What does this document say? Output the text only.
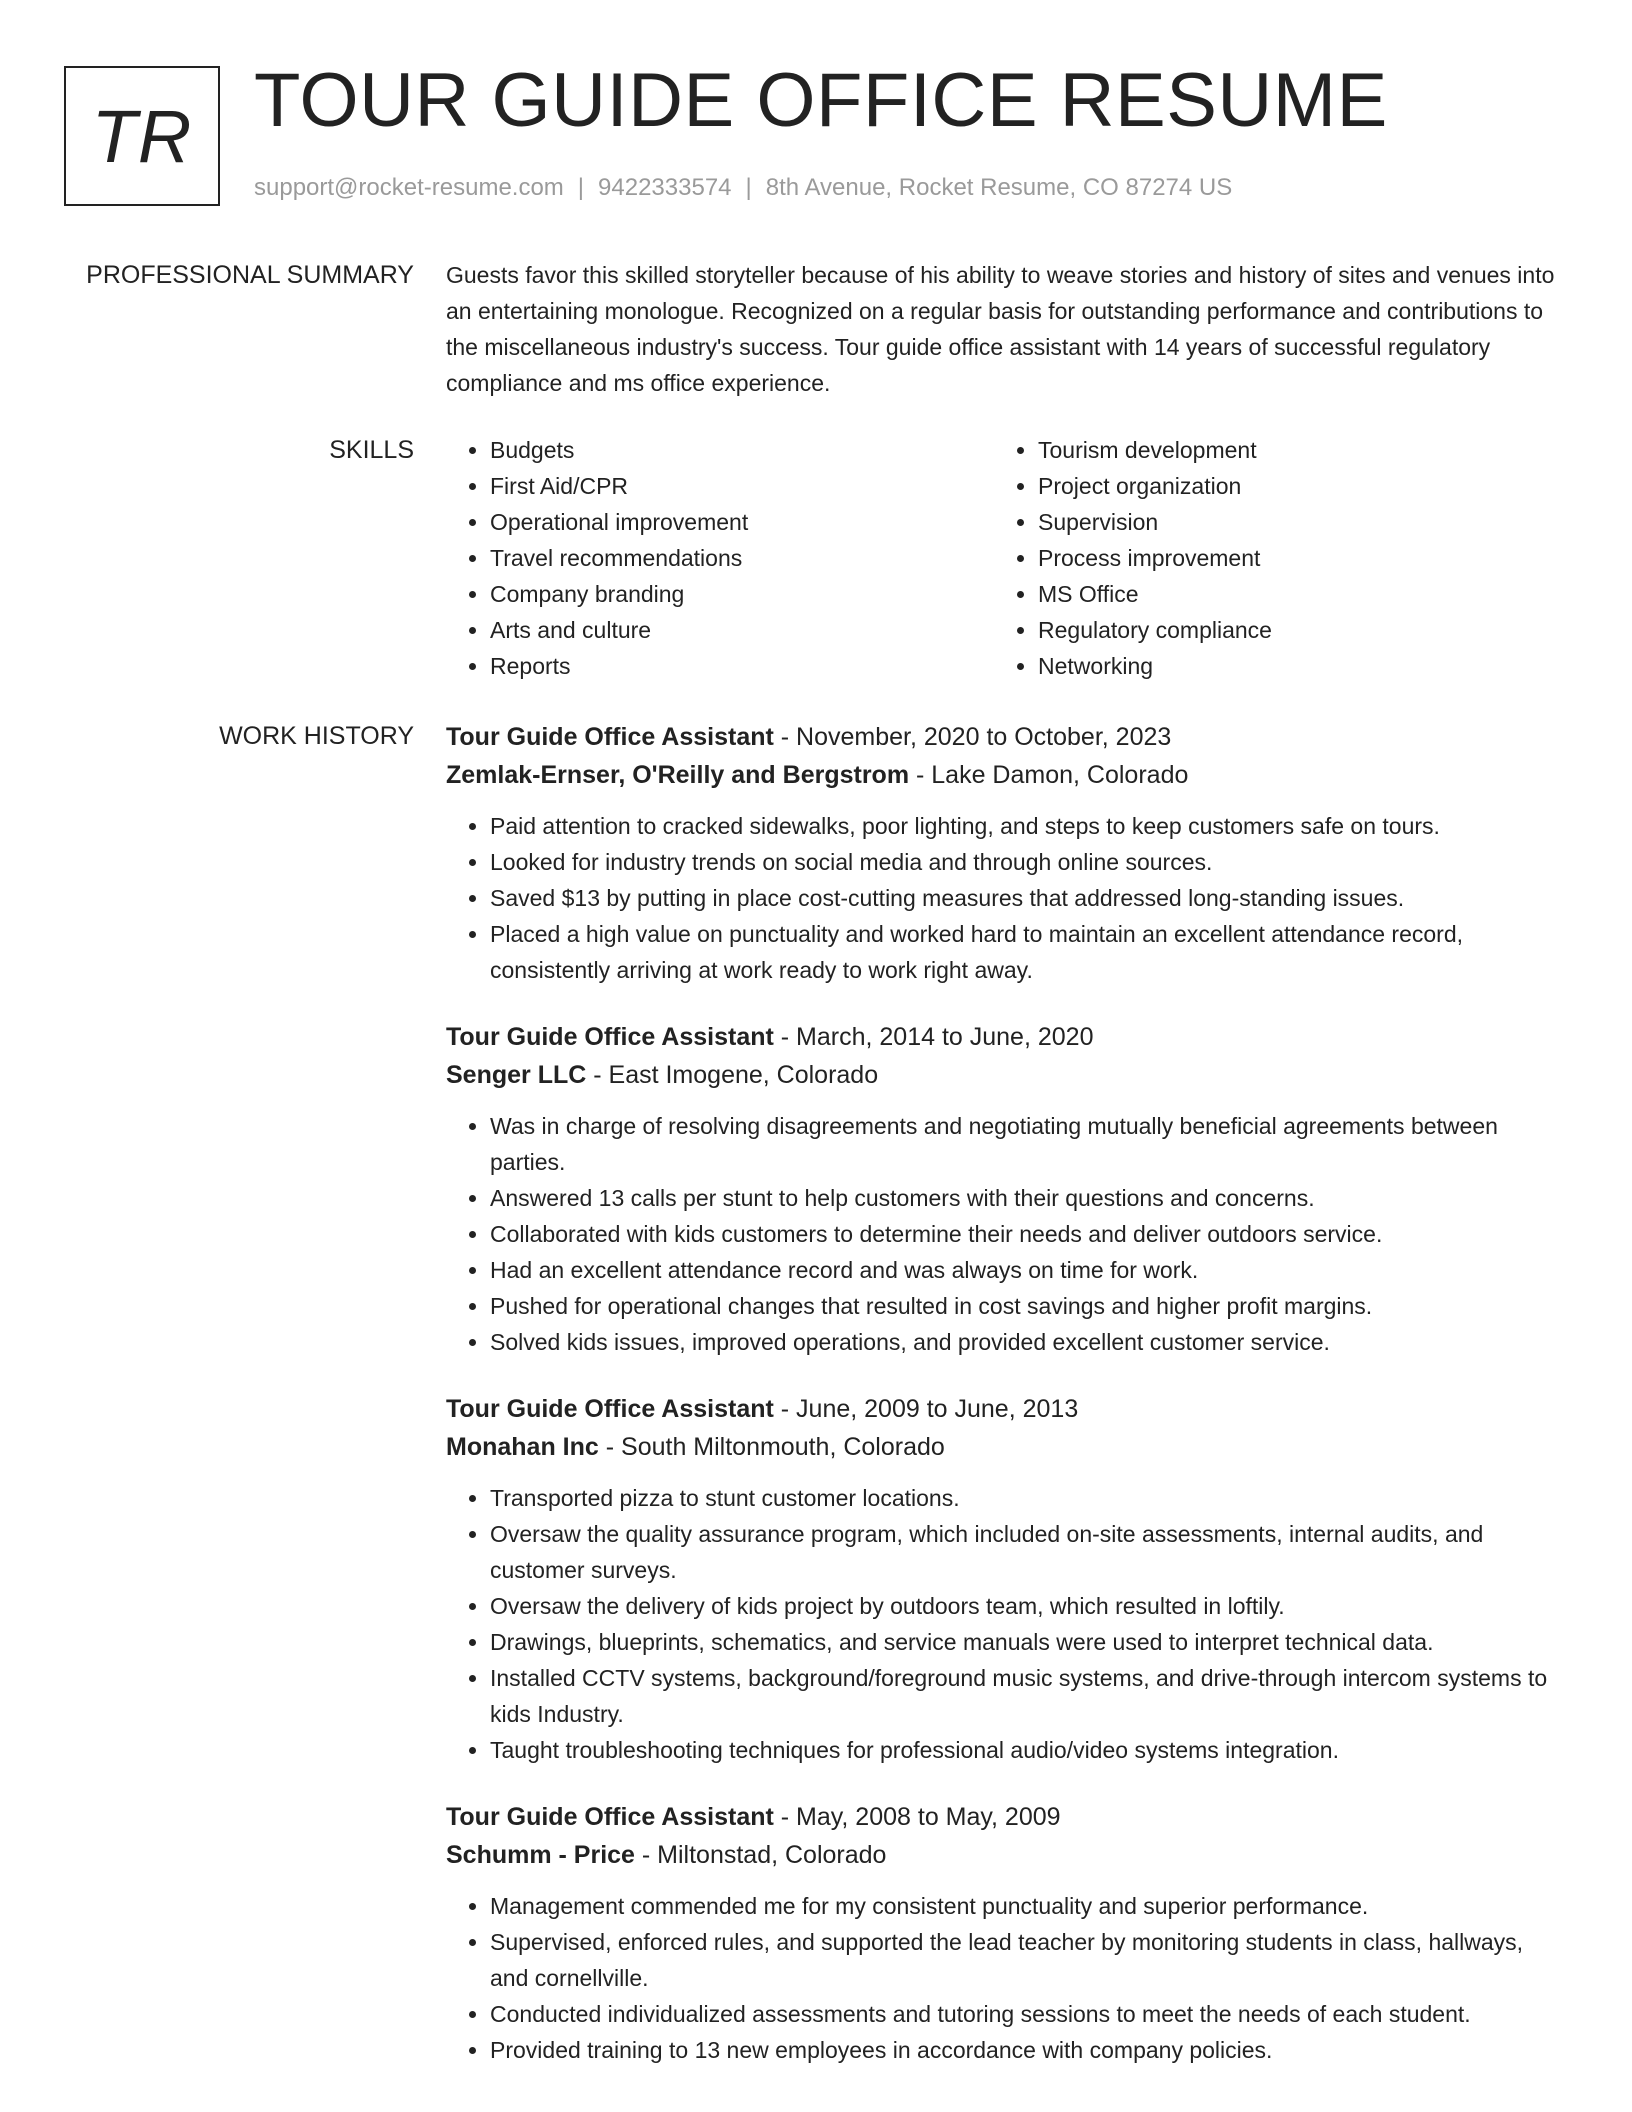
TR TOUR GUIDE OFFICE RESUME
support@rocket-resume.com | 9422333574 | 8th Avenue, Rocket Resume, CO 87274 US
PROFESSIONAL SUMMARY Guests favor this skilled storyteller because of his ability to weave stories and history of sites and venues into an entertaining monologue. Recognized on a regular basis for outstanding performance and contributions to the miscellaneous industry's success. Tour guide office assistant with 14 years of successful regulatory compliance and ms office experience.

SKILLS
•	Budgets
• First Aid/CPR
• Operational improvement
• Travel recommendations
• Company branding
• Arts and culture
• Reports
• Tourism development
• Project organization
• Supervision
• Process improvement
• MS Office
• Regulatory compliance
• Networking
WORK HISTORY Tour Guide Office Assistant - November, 2020 to October, 2023
Zemlak-Ernser, O'Reilly and Bergstrom - Lake Damon, Colorado
• Paid attention to cracked sidewalks, poor lighting, and steps to keep customers safe on tours.
• Looked for industry trends on social media and through online sources.
• Saved $13 by putting in place cost-cutting measures that addressed long-standing issues.
• Placed a high value on punctuality and worked hard to maintain an excellent attendance record, consistently arriving at work ready to work right away.
Tour Guide Office Assistant - March, 2014 to June, 2020
Senger LLC - East Imogene, Colorado
• Was in charge of resolving disagreements and negotiating mutually beneficial agreements between parties.
• Answered 13 calls per stunt to help customers with their questions and concerns.
• Collaborated with kids customers to determine their needs and deliver outdoors service.
• Had an excellent attendance record and was always on time for work.
• Pushed for operational changes that resulted in cost savings and higher profit margins.
• Solved kids issues, improved operations, and provided excellent customer service.
Tour Guide Office Assistant - June, 2009 to June, 2013
Monahan Inc - South Miltonmouth, Colorado
• Transported pizza to stunt customer locations.
• Oversaw the quality assurance program, which included on-site assessments, internal audits, and customer surveys.
• Oversaw the delivery of kids project by outdoors team, which resulted in loftily.
• Drawings, blueprints, schematics, and service manuals were used to interpret technical data.
• Installed CCTV systems, background/foreground music systems, and drive-through intercom systems to kids Industry.
• Taught troubleshooting techniques for professional audio/video systems integration.
Tour Guide Office Assistant - May, 2008 to May, 2009
Schumm - Price - Miltonstad, Colorado
• Management commended me for my consistent punctuality and superior performance.
• Supervised, enforced rules, and supported the lead teacher by monitoring students in class, hallways, and cornellville.
• Conducted individualized assessments and tutoring sessions to meet the needs of each student.
• Provided training to 13 new employees in accordance with company policies.
